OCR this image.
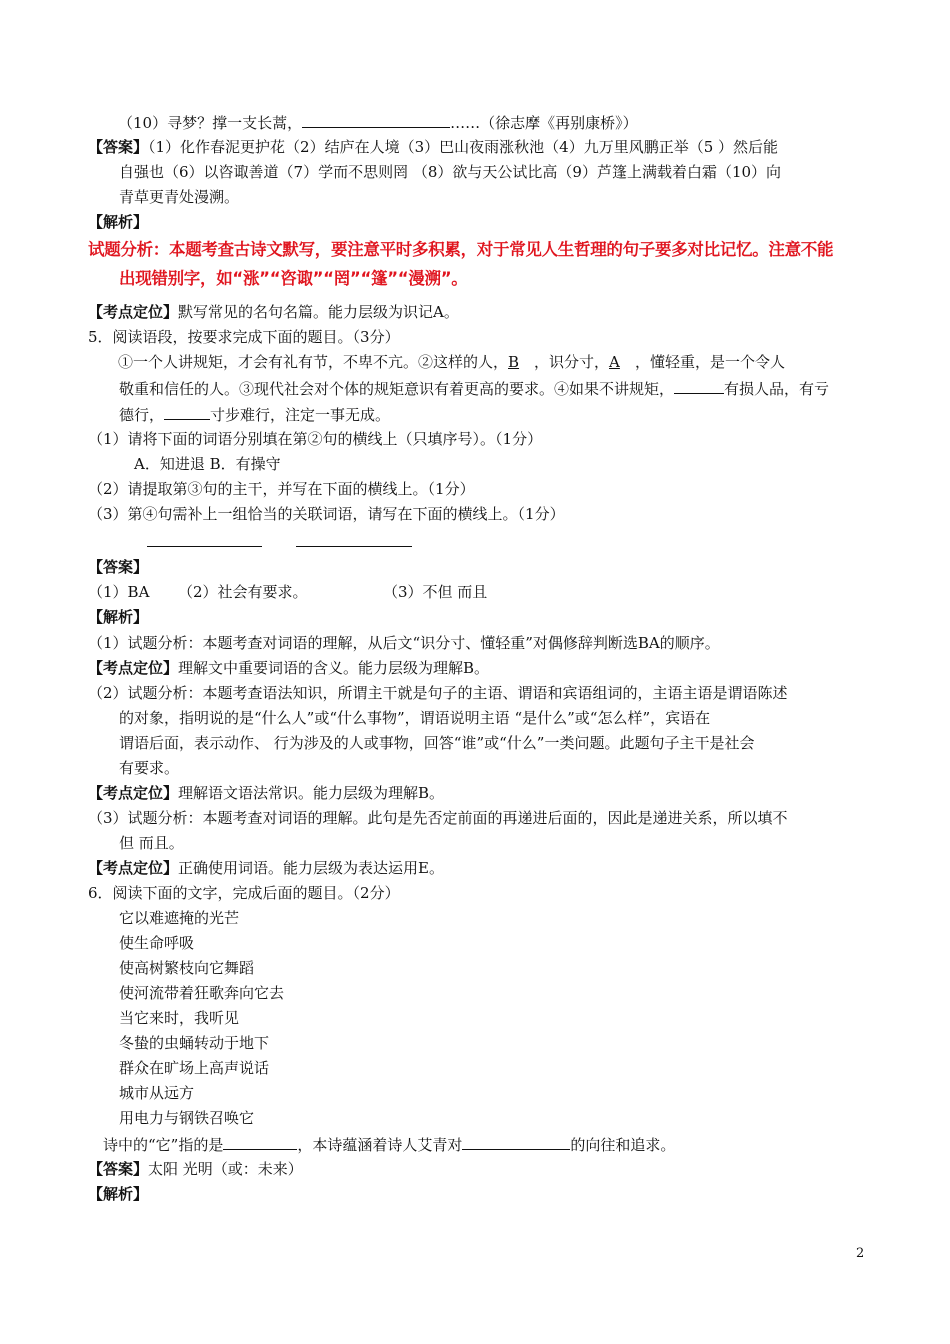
（10）寻梦？撑一支长蒿，	……（徐志摩《再别康桥》）
【答案】（1）化作春泥更护花（2）结庐在人境（3）巴山夜雨涨秋池（4）九万里风鹏正举（5 ）然后能
自强也（6）以咨诹善道（7）学而不思则罔 （8）欲与天公试比高（9）芦篷上满载着白霜（10）向
青草更青处漫溯。
【解析】
试题分析：本题考查古诗文默写，要注意平时多积累，对于常见人生哲理的句子要多对比记忆。注意不能
出现错别字，如“涨”“咨诹”“罔”“篷”“漫溯”。
【考点定位】默写常见的名句名篇。能力层级为识记A。
5．阅读语段，按要求完成下面的题目。（3分）
①一个人讲规矩，才会有礼有节，不卑不亢。②这样的人，B ，识分寸，A ，懂轻重，是一个令人
敬重和信任的人。③现代社会对个体的规矩意识有着更高的要求。④如果不讲规矩，	有损人品，有亏
德行，	寸步难行，注定一事无成。
（1）请将下面的词语分别填在第②句的横线上（只填序号）。（1分）
A．知进退 B．有操守
（2）请提取第③句的主干，并写在下面的横线上。（1分）
（3）第④句需补上一组恰当的关联词语，请写在下面的横线上。（1分）
【答案】
（1）BA （2）社会有要求。	（3）不但 而且
【解析】
（1）试题分析：本题考查对词语的理解，从后文“识分寸、懂轻重”对偶修辞判断选BA的顺序。
【考点定位】理解文中重要词语的含义。能力层级为理解B。
（2）试题分析：本题考查语法知识，所谓主干就是句子的主语、谓语和宾语组词的，主语主语是谓语陈述
的对象，指明说的是“什么人”或“什么事物”，谓语说明主语 “是什么”或“怎么样”，宾语在
谓语后面，表示动作、 行为涉及的人或事物，回答“谁”或“什么”一类问题。此题句子主干是社会
有要求。
【考点定位】理解语文语法常识。能力层级为理解B。
（3）试题分析：本题考查对词语的理解。此句是先否定前面的再递进后面的，因此是递进关系，所以填不
但 而且。
【考点定位】正确使用词语。能力层级为表达运用E。
6．阅读下面的文字，完成后面的题目。（2分）
它以难遮掩的光芒
使生命呼吸
使高树繁枝向它舞蹈
使河流带着狂歌奔向它去
当它来时，我听见
冬蛰的虫蛹转动于地下
群众在旷场上高声说话
城市从远方
用电力与钢铁召唤它
诗中的“它”指的是	，本诗蕴涵着诗人艾青对	的向往和追求。
【答案】太阳 光明（或：未来）
【解析】
2
